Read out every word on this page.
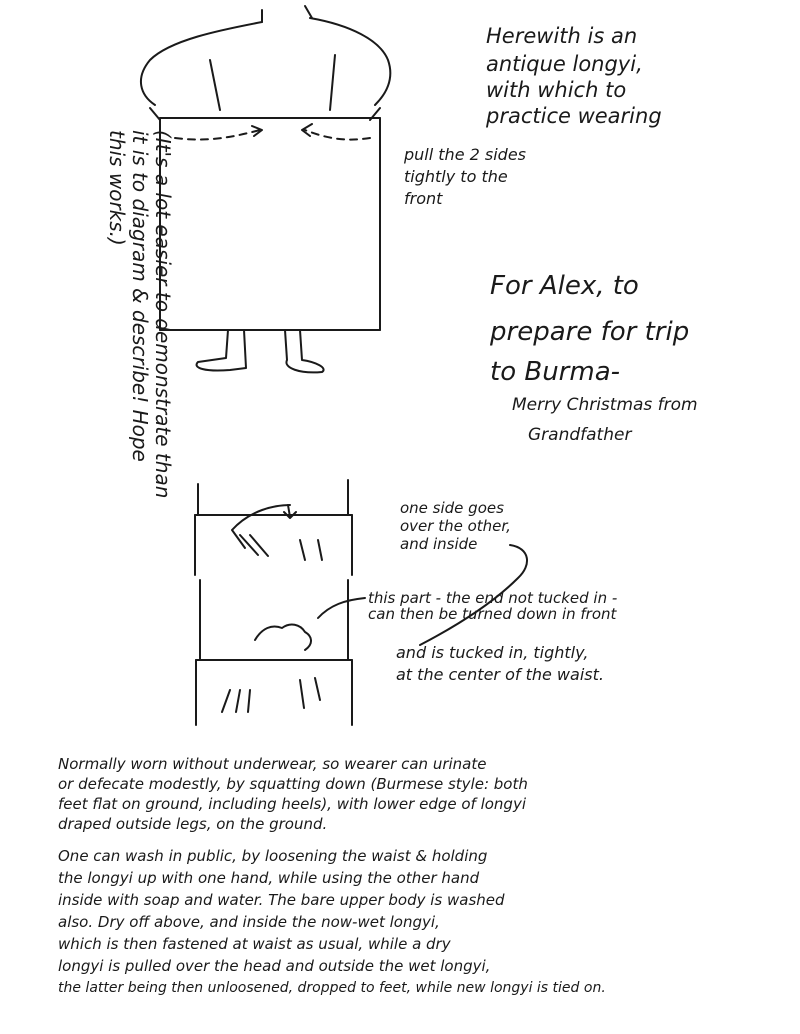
Herewith is an
antique longyi,
with which to
practice wearing
pull the 2 sides
tightly to the
front
For Alex, to
prepare for trip
to Burma-
Merry Christmas from
Grandfather
(It's a lot easier to demonstrate than
it is to diagram & describe! Hope
this works.)
one side goes
over the other,
and inside
this part - the end not tucked in -
can then be turned down in front
and is tucked in, tightly,
at the center of the waist.
Normally worn without underwear, so wearer can urinate
or defecate modestly, by squatting down (Burmese style: both
feet flat on ground, including heels), with lower edge of longyi
draped outside legs, on the ground.
One can wash in public, by loosening the waist & holding
the longyi up with one hand, while using the other hand
inside with soap and water. The bare upper body is washed
also. Dry off above, and inside the now-wet longyi,
which is then fastened at waist as usual, while a dry
longyi is pulled over the head and outside the wet longyi,
the latter being then unloosened, dropped to feet, while new longyi is tied on.
